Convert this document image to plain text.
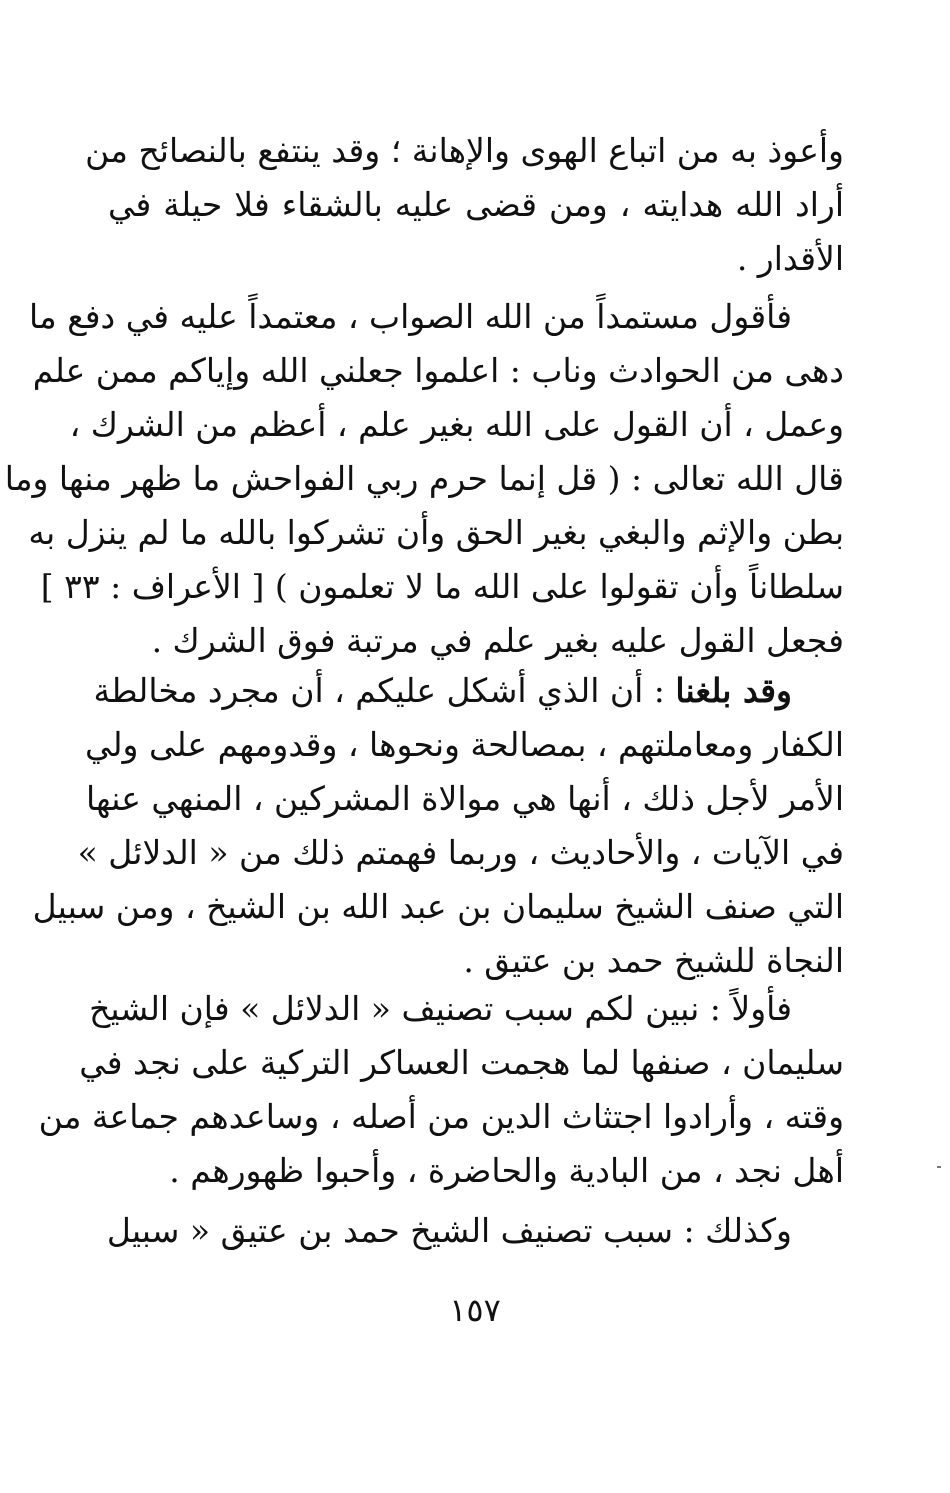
وأعوذ به من اتباع الهوى والإهانة ؛ وقد ينتفع بالنصائح من
أراد الله هدايته ، ومن قضى عليه بالشقاء فلا حيلة في
الأقدار .
فأقول مستمداً من الله الصواب ، معتمداً عليه في دفع ما
دهى من الحوادث وناب : اعلموا جعلني الله وإياكم ممن علم
وعمل ، أن القول على الله بغير علم ، أعظم من الشرك ،
قال الله تعالى : ( قل إنما حرم ربي الفواحش ما ظهر منها وما
بطن والإثم والبغي بغير الحق وأن تشركوا بالله ما لم ينزل به
سلطاناً وأن تقولوا على الله ما لا تعلمون ) [ الأعراف : ٣٣ ]
فجعل القول عليه بغير علم في مرتبة فوق الشرك .
وقد بلغنا : أن الذي أشكل عليكم ، أن مجرد مخالطة
الكفار ومعاملتهم ، بمصالحة ونحوها ، وقدومهم على ولي
الأمر لأجل ذلك ، أنها هي موالاة المشركين ، المنهي عنها
في الآيات ، والأحاديث ، وربما فهمتم ذلك من « الدلائل »
التي صنف الشيخ سليمان بن عبد الله بن الشيخ ، ومن سبيل
النجاة للشيخ حمد بن عتيق .
فأولاً : نبين لكم سبب تصنيف « الدلائل » فإن الشيخ
سليمان ، صنفها لما هجمت العساكر التركية على نجد في
وقته ، وأرادوا اجتثاث الدين من أصله ، وساعدهم جماعة من
أهل نجد ، من البادية والحاضرة ، وأحبوا ظهورهم .
وكذلك : سبب تصنيف الشيخ حمد بن عتيق « سبيل
١٥٧
